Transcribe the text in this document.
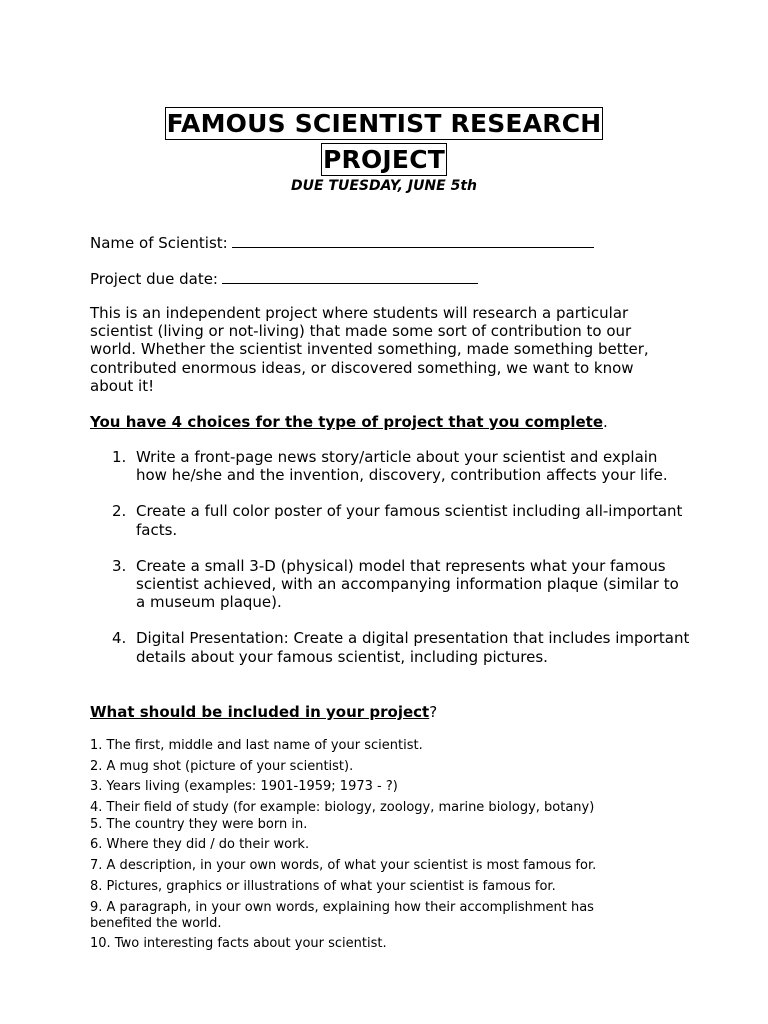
FAMOUS SCIENTIST RESEARCH
PROJECT
DUE TUESDAY, JUNE 5th
Name of Scientist:
Project due date:

This is an independent project where students will research a particular scientist (living or not-living) that made some sort of contribution to our world. Whether the scientist invented something, made something better, contributed enormous ideas, or discovered something, we want to know about it!

You have 4 choices for the type of project that you complete.
1. Write a front-page news story/article about your scientist and explain how he/she and the invention, discovery, contribution affects your life.
2. Create a full color poster of your famous scientist including all-important facts.
3. Create a small 3-D (physical) model that represents what your famous scientist achieved, with an accompanying information plaque (similar to a museum plaque).
4. Digital Presentation: Create a digital presentation that includes important details about your famous scientist, including pictures.
What should be included in your project?
1. The first, middle and last name of your scientist.
2. A mug shot (picture of your scientist).
3. Years living (examples: 1901-1959; 1973 - ?)
4. Their field of study (for example: biology, zoology, marine biology, botany)
5. The country they were born in.
6. Where they did / do their work.
7. A description, in your own words, of what your scientist is most famous for.
8. Pictures, graphics or illustrations of what your scientist is famous for.
9. A paragraph, in your own words, explaining how their accomplishment has benefited the world.
10. Two interesting facts about your scientist.
